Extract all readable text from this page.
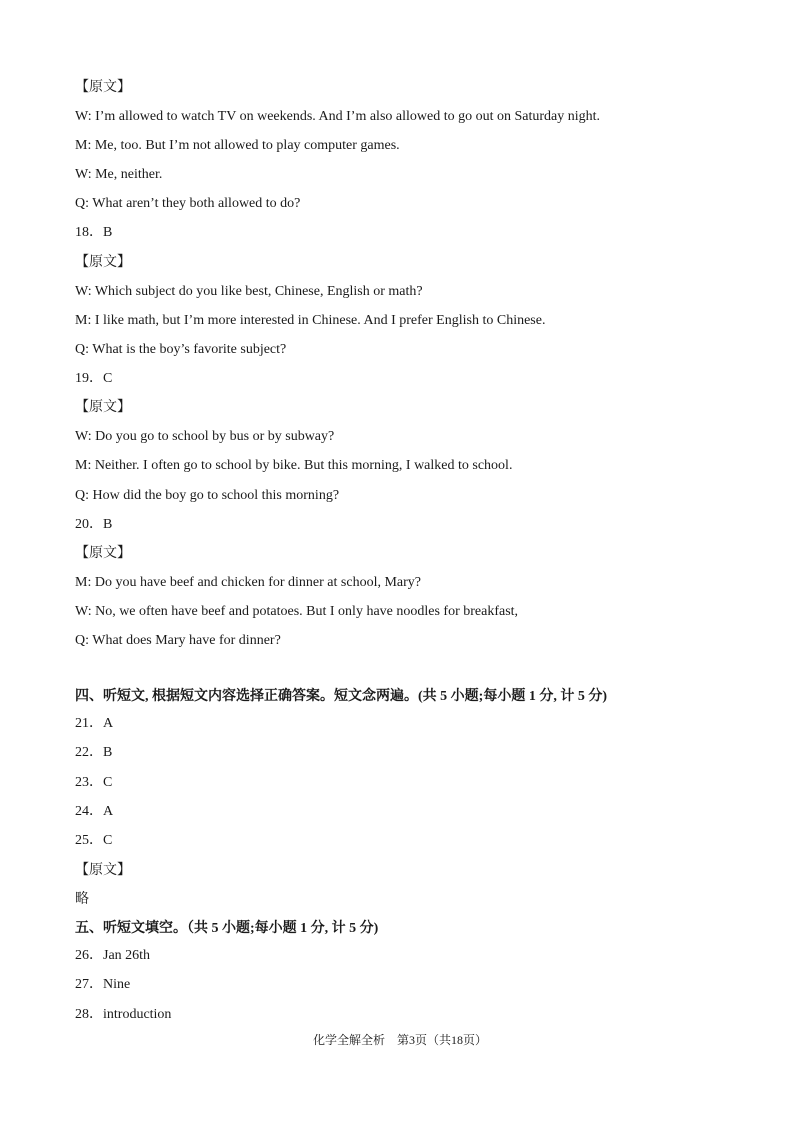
【原文】
W: I’m allowed to watch TV on weekends. And I’m also allowed to go out on Saturday night.
M: Me, too. But I’m not allowed to play computer games.
W: Me, neither.
Q: What aren’t they both allowed to do?
18．B
【原文】
W: Which subject do you like best, Chinese, English or math?
M: I like math, but I’m more interested in Chinese. And I prefer English to Chinese.
Q: What is the boy’s favorite subject?
19．C
【原文】
W: Do you go to school by bus or by subway?
M: Neither. I often go to school by bike. But this morning, I walked to school.
Q: How did the boy go to school this morning?
20．B
【原文】
M: Do you have beef and chicken for dinner at school, Mary?
W: No, we often have beef and potatoes. But I only have noodles for breakfast,
Q: What does Mary have for dinner?
四、听短文, 根据短文内容选择正确答案。短文念两遍。(共 5 小题;每小题 1 分, 计 5 分)
21．A
22．B
23．C
24．A
25．C
【原文】
略
五、听短文填空。（共 5 小题;每小题 1 分, 计 5 分)
26．Jan 26th
27．Nine
28．introduction
化学全解全析　第3页（共18页）
